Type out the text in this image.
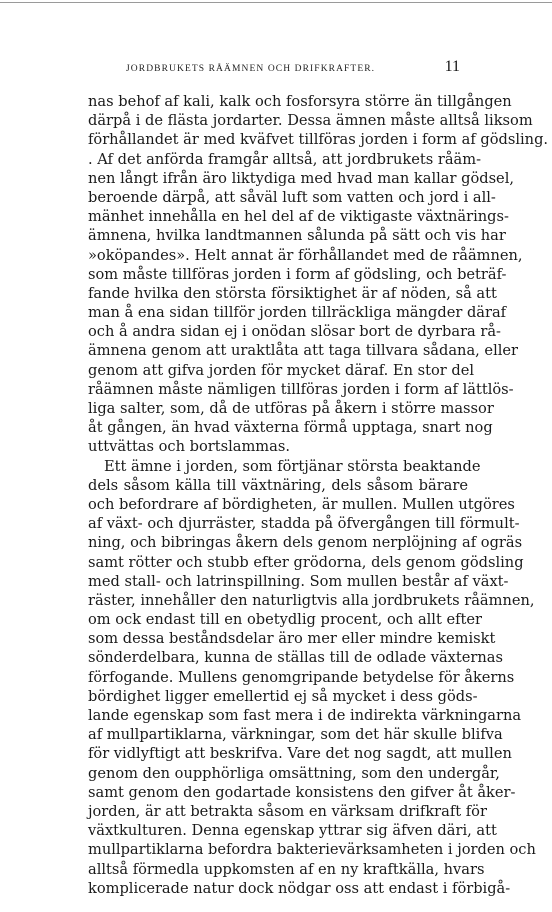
JORDBRUKETS RÅÄMNEN OCH DRIFKRAFTER.	11
nas behof af kali, kalk och fosforsyra större än tillgången
därpå i de flästa jordarter. Dessa ämnen måste alltså liksom
förhållandet är med kväfvet tillföras jorden i form af gödsling.
. Af det anförda framgår alltså, att jordbrukets råäm-
nen långt ifrån äro liktydiga med hvad man kallar gödsel,
beroende därpå, att såväl luft som vatten och jord i all-
mänhet innehålla en hel del af de viktigaste växtnärings-
ämnena, hvilka landtmannen sålunda på sätt och vis har
»oköpandes». Helt annat är förhållandet med de råämnen,
som måste tillföras jorden i form af gödsling, och beträf-
fande hvilka den största försiktighet är af nöden, så att
man å ena sidan tillför jorden tillräckliga mängder däraf
och å andra sidan ej i onödan slösar bort de dyrbara rå-
ämnena genom att uraktlåta att taga tillvara sådana, eller
genom att gifva jorden för mycket däraf. En stor del
råämnen måste nämligen tillföras jorden i form af lättlös-
liga salter, som, då de utföras på åkern i större massor
åt gången, än hvad växterna förmå upptaga, snart nog
uttvättas och bortslammas.
Ett ämne i jorden, som förtjänar största beaktande
dels såsom källa till växtnäring, dels såsom bärare
och befordrare af bördigheten, är mullen. Mullen utgöres
af växt- och djurräster, stadda på öfvergången till förmult-
ning, och bibringas åkern dels genom nerplöjning af ogräs
samt rötter och stubb efter grödorna, dels genom gödsling
med stall- och latrinspillning. Som mullen består af växt-
räster, innehåller den naturligtvis alla jordbrukets råämnen,
om ock endast till en obetydlig procent, och allt efter
som dessa beståndsdelar äro mer eller mindre kemiskt
sönderdelbara, kunna de ställas till de odlade växternas
förfogande. Mullens genomgripande betydelse för åkerns
bördighet ligger emellertid ej så mycket i dess göds-
lande egenskap som fast mera i de indirekta värkningarna
af mullpartiklarna, värkningar, som det här skulle blifva
för vidlyftigt att beskrifva. Vare det nog sagdt, att mullen
genom den oupphörliga omsättning, som den undergår,
samt genom den godartade konsistens den gifver åt åker-
jorden, är att betrakta såsom en värksam drifkraft för
växtkulturen. Denna egenskap yttrar sig äfven däri, att
mullpartiklarna befordra bakterievärksamheten i jorden och
alltså förmedla uppkomsten af en ny kraftkälla, hvars
komplicerade natur dock nödgar oss att endast i förbigå-
